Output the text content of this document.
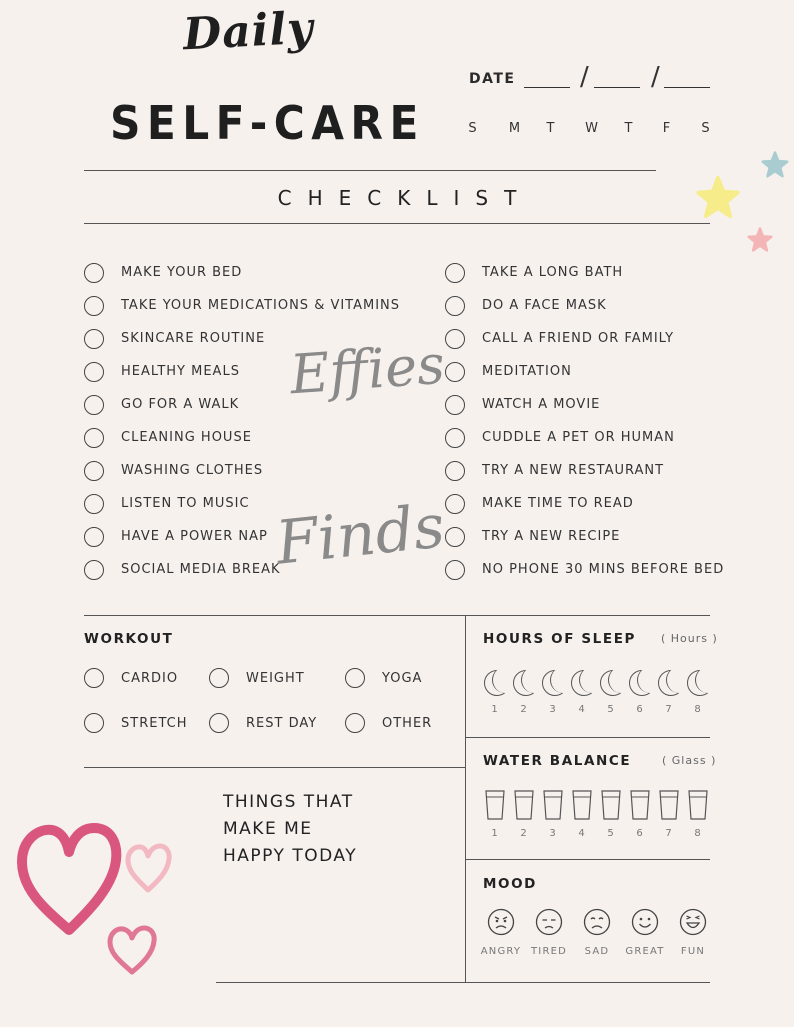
Daily
SELF-CARE
DATE / /
S	M	T	W	T	F	S
CHECKLIST
MAKE YOUR BED
TAKE YOUR MEDICATIONS & VITAMINS
SKINCARE ROUTINE
HEALTHY MEALS
GO FOR A WALK
CLEANING HOUSE
WASHING CLOTHES
LISTEN TO MUSIC
HAVE A POWER NAP
SOCIAL MEDIA BREAK
TAKE A LONG BATH
DO A FACE MASK
CALL A FRIEND OR FAMILY
MEDITATION
WATCH A MOVIE
CUDDLE A PET OR HUMAN
TRY A NEW RESTAURANT
MAKE TIME TO READ
TRY A NEW RECIPE
NO PHONE 30 MINS BEFORE BED
Effies
Finds
WORKOUT
CARDIO	WEIGHT	YOGA
STRETCH	REST DAY	OTHER
HOURS OF SLEEP ( Hours )
1	2	3	4	5	6	7	8
WATER BALANCE	( Glass )
1	2	3	4	5	6	7	8
MOOD
ANGRY TIRED	SAD	GREAT	FUN
THINGS THAT
MAKE ME
HAPPY TODAY
